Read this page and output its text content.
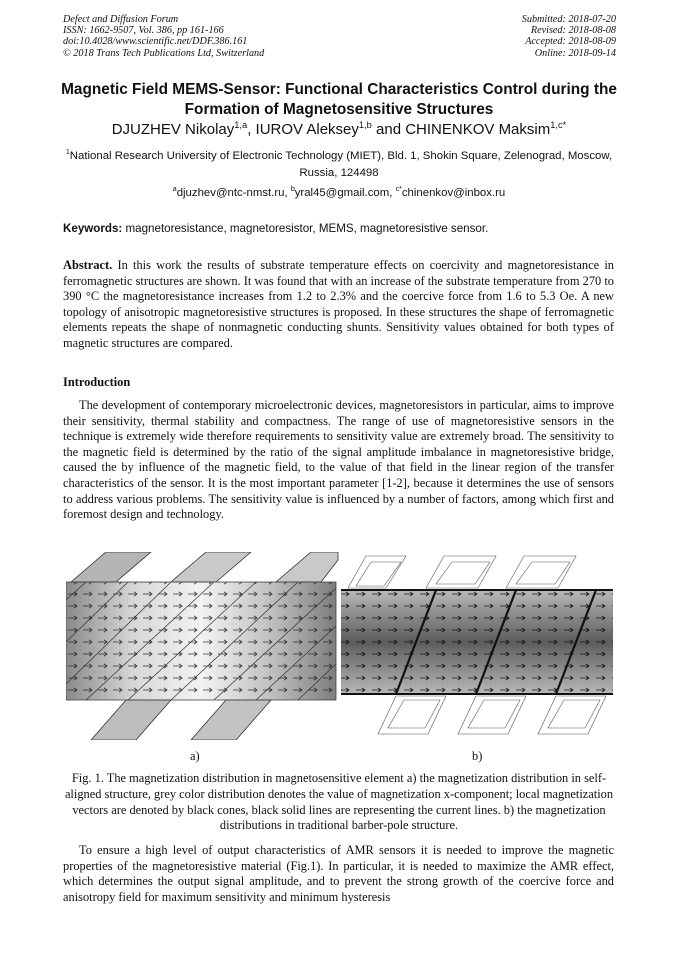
Defect and Diffusion Forum
ISSN: 1662-9507, Vol. 386, pp 161-166
doi:10.4028/www.scientific.net/DDF.386.161
© 2018 Trans Tech Publications Ltd, Switzerland
Submitted: 2018-07-20
Revised: 2018-08-08
Accepted: 2018-08-09
Online: 2018-09-14
Magnetic Field MEMS-Sensor: Functional Characteristics Control during the Formation of Magnetosensitive Structures
DJUZHEV Nikolay$^{1,a}$, IUROV Aleksey$^{1,b}$ and CHINENKOV Maksim$^{1,c*}$
$^1$National Research University of Electronic Technology (MIET), Bld. 1, Shokin Square, Zelenograd, Moscow, Russia, 124498
$^a$djuzhev@ntc-nmst.ru, $^b$yral45@gmail.com, $^{c*}$chinenkov@inbox.ru
Keywords: magnetoresistance, magnetoresistor, MEMS, magnetoresistive sensor.
Abstract. In this work the results of substrate temperature effects on coercivity and magnetoresistance in ferromagnetic structures are shown. It was found that with an increase of the substrate temperature from 270 to 390 °C the magnetoresistance increases from 1.2 to 2.3% and the coercive force from 1.6 to 5.3 Oe. A new topology of anisotropic magnetoresistive structures is proposed. In these structures the shape of ferromagnetic elements repeats the shape of nonmagnetic conducting shunts. Sensitivity values obtained for both types of magnetic structures are compared.
Introduction
The development of contemporary microelectronic devices, magnetoresistors in particular, aims to improve their sensitivity, thermal stability and compactness. The range of use of magnetoresistive sensors in the technique is extremely wide therefore requirements to sensitivity value are extremely broad. The sensitivity to the magnetic field is determined by the ratio of the signal amplitude imbalance in magnetoresistive bridge, caused the by influence of the magnetic field, to the value of that field in the linear region of the transfer characteristics of the sensor. It is the most important parameter [1-2], because it determines the use of sensors to address various problems. The sensitivity value is influenced by a number of factors, among which first and foremost design and technology.
a)	b)
Fig. 1. The magnetization distribution in magnetosensitive element a) the magnetization distribution in self-aligned structure, grey color distribution denotes the value of magnetization x-component; local magnetization vectors are denoted by black cones, black solid lines are representing the current lines. b) the magnetization distributions in traditional barber-pole structure.
To ensure a high level of output characteristics of AMR sensors it is needed to improve the magnetic properties of the magnetoresistive material (Fig.1). In particular, it is needed to maximize the AMR effect, which determines the output signal amplitude, and to prevent the strong growth of the coercive force and anisotropy field for maximum sensitivity and minimum hysteresis
